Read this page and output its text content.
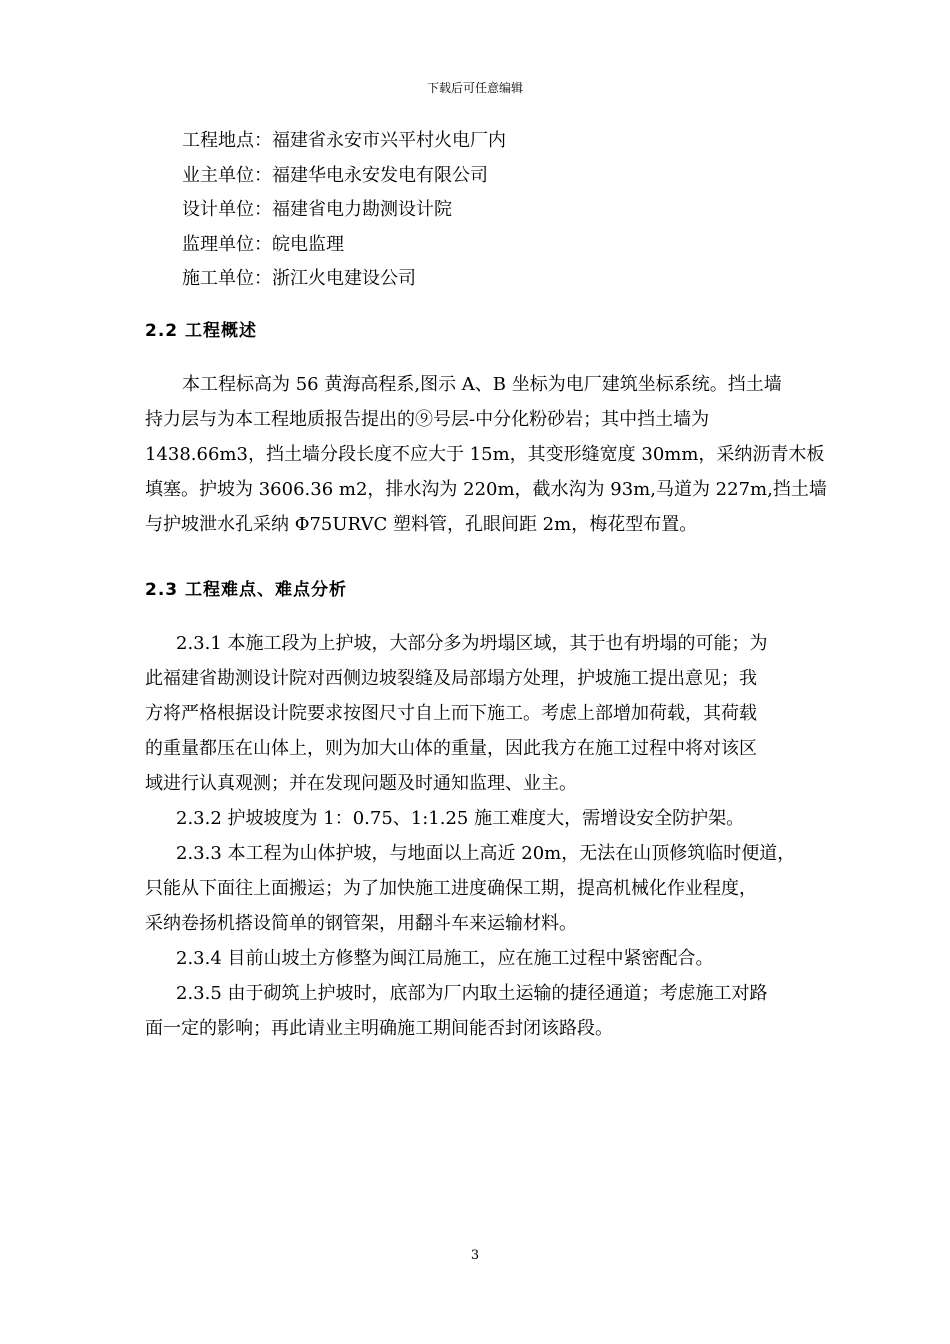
下载后可任意编辑
工程地点：福建省永安市兴平村火电厂内
业主单位：福建华电永安发电有限公司
设计单位：福建省电力勘测设计院
监理单位：皖电监理
施工单位：浙江火电建设公司
2.2 工程概述
本工程标高为 56 黄海高程系,图示 A、B 坐标为电厂建筑坐标系统。挡土墙
持力层与为本工程地质报告提出的⑨号层-中分化粉砂岩；其中挡土墙为
1438.66m3，挡土墙分段长度不应大于 15m，其变形缝宽度 30mm，采纳沥青木板
填塞。护坡为 3606.36 m2，排水沟为 220m，截水沟为 93m,马道为 227m,挡土墙
与护坡泄水孔采纳 Φ75URVC 塑料管，孔眼间距 2m，梅花型布置。
2.3 工程难点、难点分析
2.3.1 本施工段为上护坡，大部分多为坍塌区域，其于也有坍塌的可能；为
此福建省勘测设计院对西侧边坡裂缝及局部塌方处理，护坡施工提出意见；我
方将严格根据设计院要求按图尺寸自上而下施工。考虑上部增加荷载，其荷载
的重量都压在山体上，则为加大山体的重量，因此我方在施工过程中将对该区
域进行认真观测；并在发现问题及时通知监理、业主。
2.3.2 护坡坡度为 1：0.75、1:1.25 施工难度大，需增设安全防护架。
2.3.3 本工程为山体护坡，与地面以上高近 20m，无法在山顶修筑临时便道，
只能从下面往上面搬运；为了加快施工进度确保工期，提高机械化作业程度，
采纳卷扬机搭设简单的钢管架，用翻斗车来运输材料。
2.3.4 目前山坡土方修整为闽江局施工，应在施工过程中紧密配合。
2.3.5 由于砌筑上护坡时，底部为厂内取土运输的捷径通道；考虑施工对路
面一定的影响；再此请业主明确施工期间能否封闭该路段。
3
